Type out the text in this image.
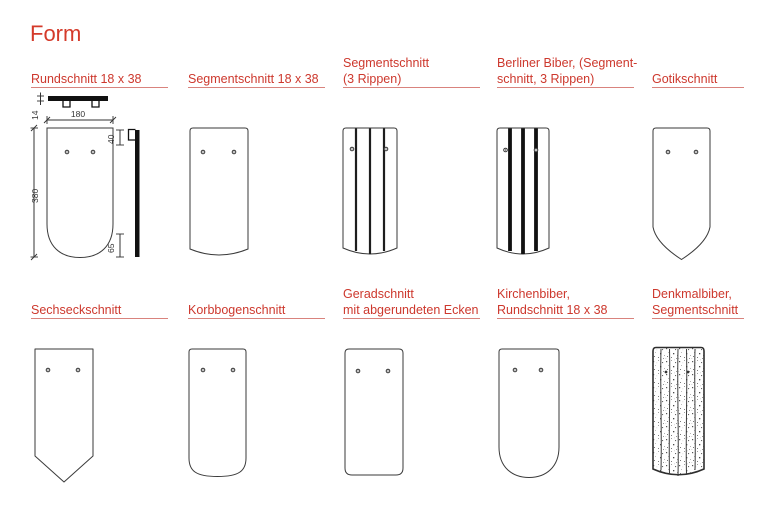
Form
Rundschnitt 18 x 38	Segmentschnitt 18 x 38
Segmentschnitt
(3 Rippen)
Berliner Biber, (Segment-
schnitt, 3 Rippen)	Gotikschnitt
Sechseckschnitt	Korbbogenschnitt
Geradschnitt
mit abgerundeten Ecken
Kirchenbiber,
Rundschnitt 18 x 38
Denkmalbiber,
Segmentschnitt
14	180
380
40
65
